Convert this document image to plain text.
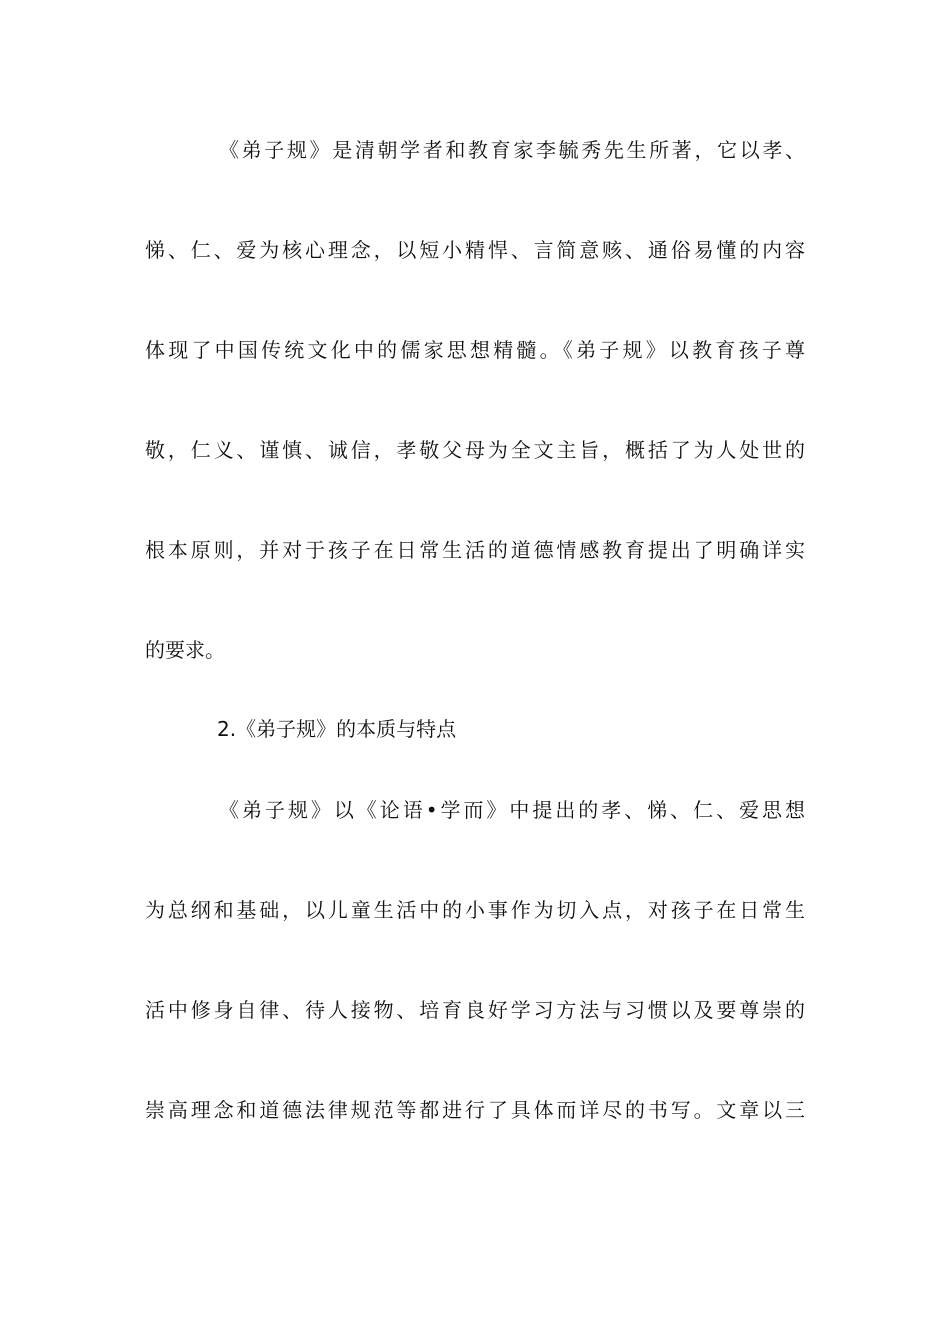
《弟子规》是清朝学者和教育家李毓秀先生所著，它以孝、
悌、仁、爱为核心理念，以短小精悍、言简意赅、通俗易懂的内容
体现了中国传统文化中的儒家思想精髓。《弟子规》以教育孩子尊
敬，仁义、谨慎、诚信，孝敬父母为全文主旨，概括了为人处世的
根本原则，并对于孩子在日常生活的道德情感教育提出了明确详实
的要求。
2.《弟子规》的本质与特点
《弟子规》以《论语•学而》中提出的孝、悌、仁、爱思想
为总纲和基础，以儿童生活中的小事作为切入点，对孩子在日常生
活中修身自律、待人接物、培育良好学习方法与习惯以及要尊崇的
崇高理念和道德法律规范等都进行了具体而详尽的书写。文章以三
